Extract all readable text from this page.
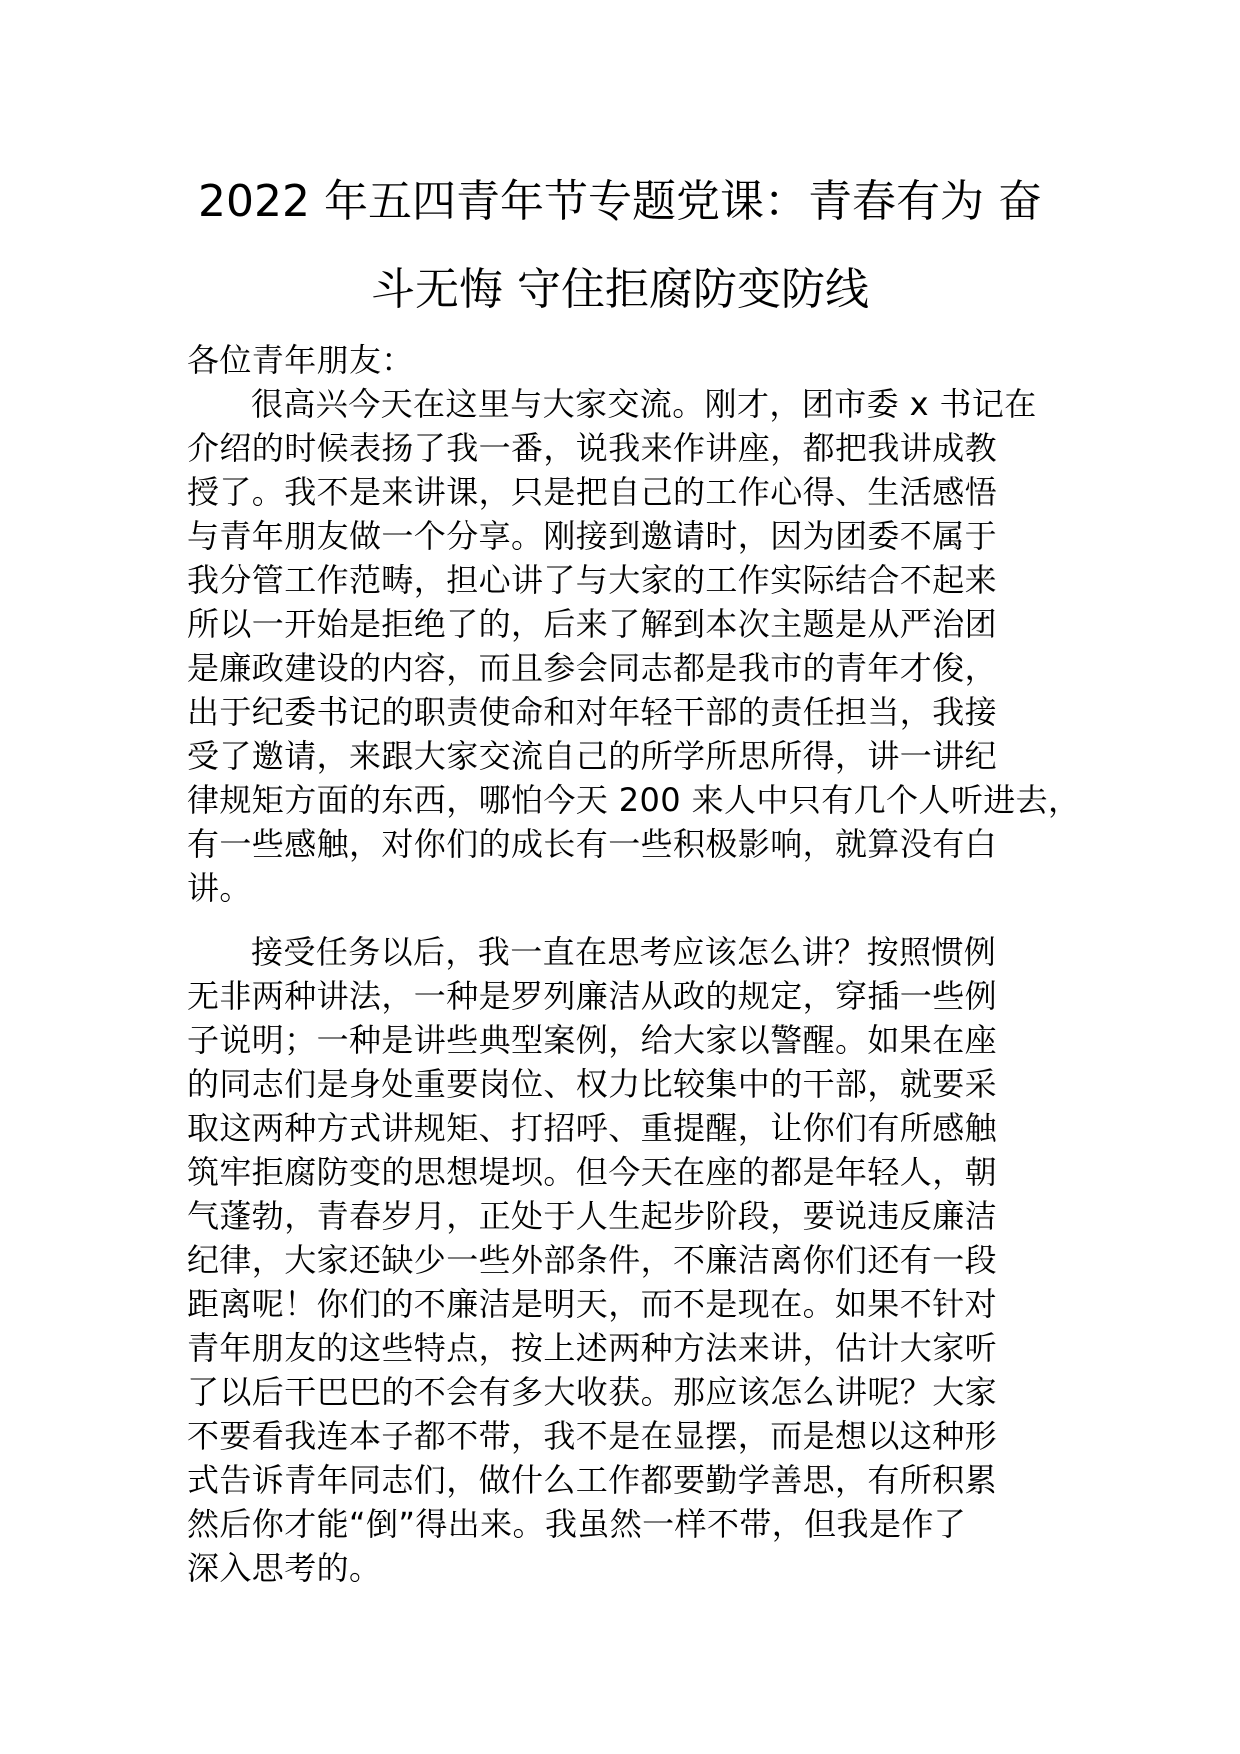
2022 年五四青年节专题党课：青春有为 奋
斗无悔 守住拒腐防变防线
各位青年朋友：
很高兴今天在这里与大家交流。刚才，团市委 x 书记在
介绍的时候表扬了我一番，说我来作讲座，都把我讲成教
授了。我不是来讲课，只是把自己的工作心得、生活感悟
与青年朋友做一个分享。刚接到邀请时，因为团委不属于
我分管工作范畴，担心讲了与大家的工作实际结合不起来
所以一开始是拒绝了的，后来了解到本次主题是从严治团
是廉政建设的内容，而且参会同志都是我市的青年才俊，
出于纪委书记的职责使命和对年轻干部的责任担当，我接
受了邀请，来跟大家交流自己的所学所思所得，讲一讲纪
律规矩方面的东西，哪怕今天 200 来人中只有几个人听进去，
有一些感触，对你们的成长有一些积极影响，就算没有白
讲。
接受任务以后，我一直在思考应该怎么讲？按照惯例
无非两种讲法，一种是罗列廉洁从政的规定，穿插一些例
子说明；一种是讲些典型案例，给大家以警醒。如果在座
的同志们是身处重要岗位、权力比较集中的干部，就要采
取这两种方式讲规矩、打招呼、重提醒，让你们有所感触
筑牢拒腐防变的思想堤坝。但今天在座的都是年轻人，朝
气蓬勃，青春岁月，正处于人生起步阶段，要说违反廉洁
纪律，大家还缺少一些外部条件，不廉洁离你们还有一段
距离呢！你们的不廉洁是明天，而不是现在。如果不针对
青年朋友的这些特点，按上述两种方法来讲，估计大家听
了以后干巴巴的不会有多大收获。那应该怎么讲呢？大家
不要看我连本子都不带，我不是在显摆，而是想以这种形
式告诉青年同志们，做什么工作都要勤学善思，有所积累
然后你才能“倒”得出来。我虽然一样不带，但我是作了
深入思考的。
